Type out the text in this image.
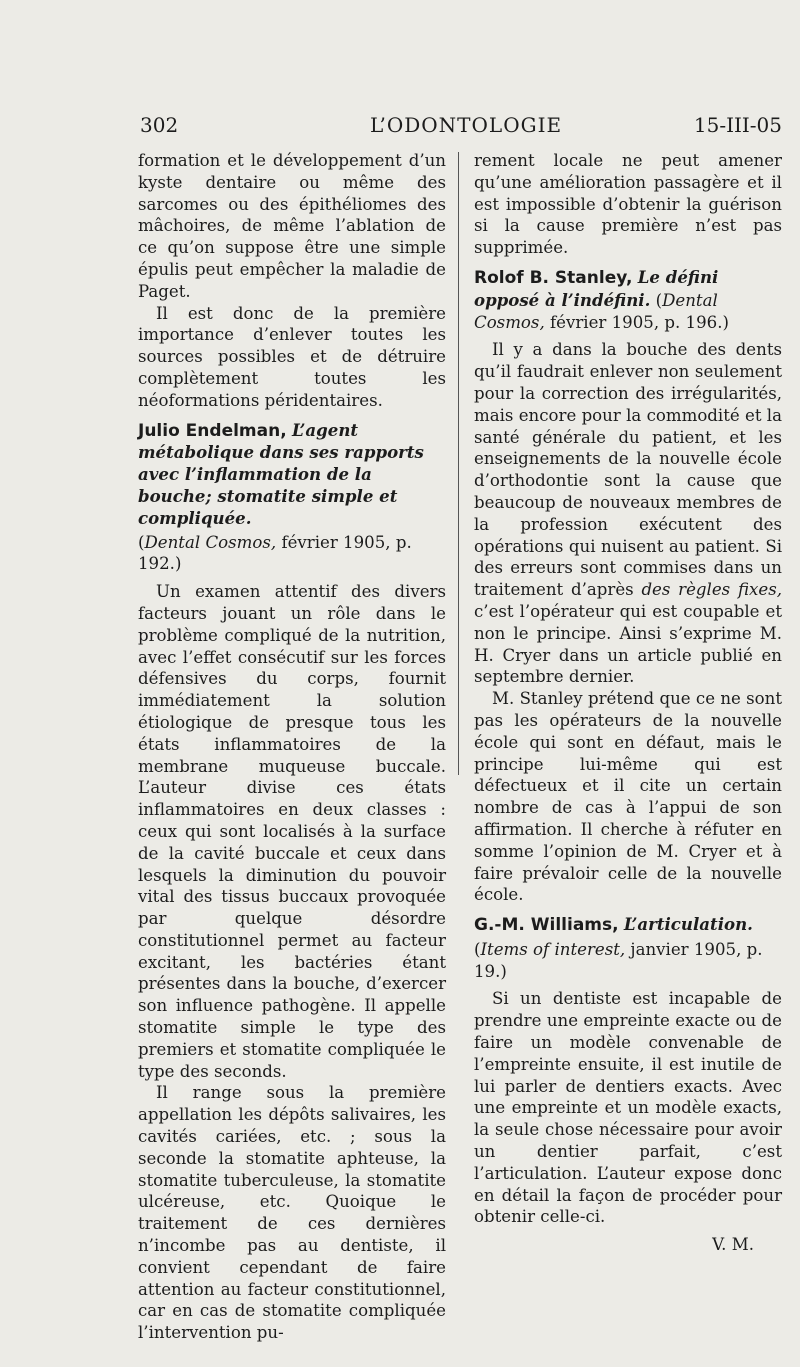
302	L’ODONTOLOGIE	15-III-05

formation et le développement d’un kyste dentaire ou même des sarcomes ou des épithéliomes des mâchoires, de même l’ablation de ce qu’on suppose être une simple épulis peut empêcher la maladie de Paget.

Il est donc de la première importance d’enlever toutes les sources possibles et de détruire complètement toutes les néoformations péridentaires.

Julio Endelman, L’agent métabolique dans ses rapports avec l’inflammation de la bouche; stomatite simple et compliquée.
(Dental Cosmos, février 1905, p. 192.)

Un examen attentif des divers facteurs jouant un rôle dans le problème compliqué de la nutrition, avec l’effet consécutif sur les forces défensives du corps, fournit immédiatement la solution étiologique de presque tous les états inflammatoires de la membrane muqueuse buccale. L’auteur divise ces états inflammatoires en deux classes : ceux qui sont localisés à la surface de la cavité buccale et ceux dans lesquels la diminution du pouvoir vital des tissus buccaux provoquée par quelque désordre constitutionnel permet au facteur excitant, les bactéries étant présentes dans la bouche, d’exercer son influence pathogène. Il appelle stomatite simple le type des premiers et stomatite compliquée le type des seconds.

Il range sous la première appellation les dépôts salivaires, les cavités cariées, etc. ; sous la seconde la stomatite aphteuse, la stomatite tuberculeuse, la stomatite ulcéreuse, etc. Quoique le traitement de ces dernières n’incombe pas au dentiste, il convient cependant de faire attention au facteur constitutionnel, car en cas de stomatite compliquée l’intervention pu-

rement locale ne peut amener qu’une amélioration passagère et il est impossible d’obtenir la guérison si la cause première n’est pas supprimée.

Rolof B. Stanley, Le défini opposé à l’indéfini. (Dental Cosmos, février 1905, p. 196.)

Il y a dans la bouche des dents qu’il faudrait enlever non seulement pour la correction des irrégularités, mais encore pour la commodité et la santé générale du patient, et les enseignements de la nouvelle école d’orthodontie sont la cause que beaucoup de nouveaux membres de la profession exécutent des opérations qui nuisent au patient. Si des erreurs sont commises dans un traitement d’après des règles fixes, c’est l’opérateur qui est coupable et non le principe. Ainsi s’exprime M. H. Cryer dans un article publié en septembre dernier.

M. Stanley prétend que ce ne sont pas les opérateurs de la nouvelle école qui sont en défaut, mais le principe lui-même qui est défectueux et il cite un certain nombre de cas à l’appui de son affirmation. Il cherche à réfuter en somme l’opinion de M. Cryer et à faire prévaloir celle de la nouvelle école.

G.-M. Williams, L’articulation.
(Items of interest, janvier 1905, p. 19.)

Si un dentiste est incapable de prendre une empreinte exacte ou de faire un modèle convenable de l’empreinte ensuite, il est inutile de lui parler de dentiers exacts. Avec une empreinte et un modèle exacts, la seule chose nécessaire pour avoir un dentier parfait, c’est l’articulation. L’auteur expose donc en détail la façon de procéder pour obtenir celle-ci.

V. M.
